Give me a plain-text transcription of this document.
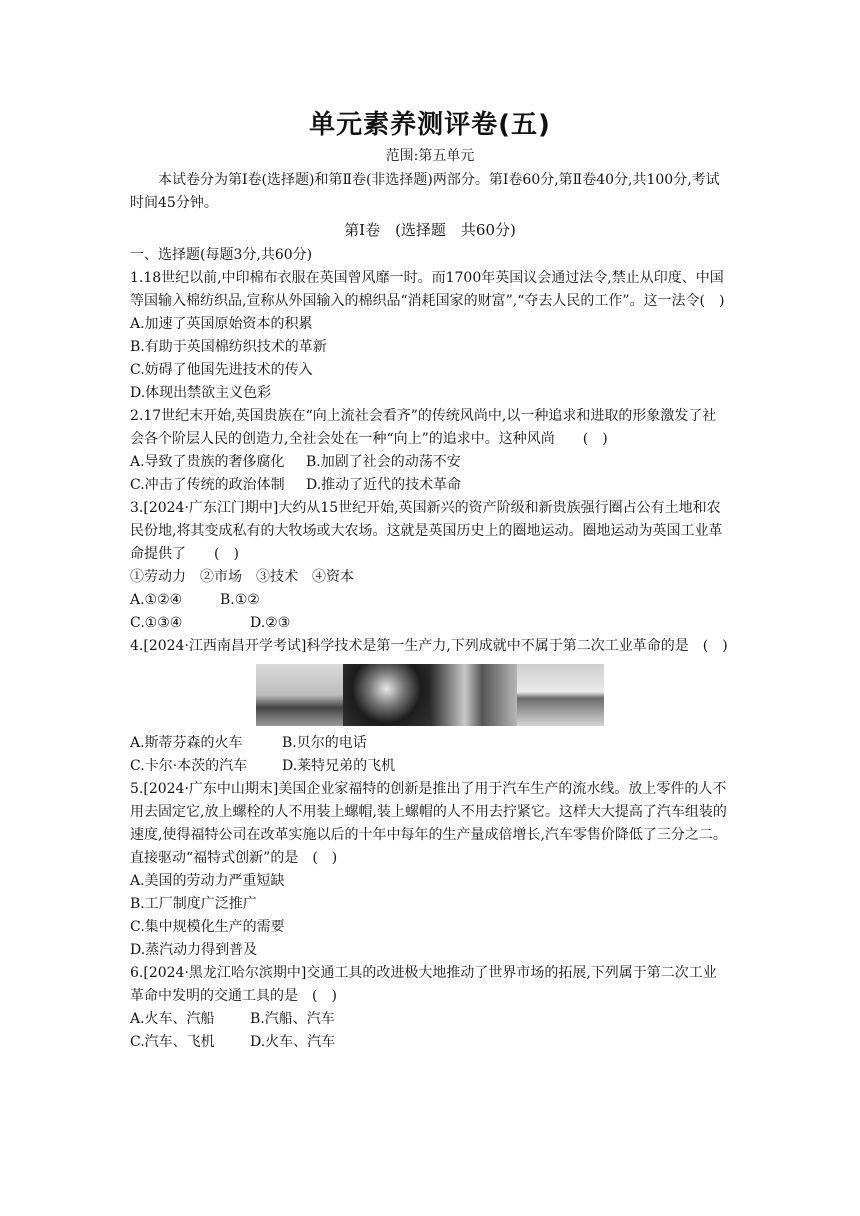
单元素养测评卷(五)
范围:第五单元
本试卷分为第Ⅰ卷(选择题)和第Ⅱ卷(非选择题)两部分。第Ⅰ卷60分,第Ⅱ卷40分,共100分,考试时间45分钟。
第Ⅰ卷　(选择题　共60分)
一、选择题(每题3分,共60分)
1.18世纪以前,中印棉布衣服在英国曾风靡一时。而1700年英国议会通过法令,禁止从印度、中国等国输入棉纺织品,宣称从外国输入的棉织品“消耗国家的财富”,“夺去人民的工作”。这一法令(　)
A.加速了英国原始资本的积累
B.有助于英国棉纺织技术的革新
C.妨碍了他国先进技术的传入
D.体现出禁欲主义色彩
2.17世纪末开始,英国贵族在“向上流社会看齐”的传统风尚中,以一种追求和进取的形象激发了社会各个阶层人民的创造力,全社会处在一种“向上”的追求中。这种风尚　　(　)
A.导致了贵族的奢侈腐化	B.加剧了社会的动荡不安
C.冲击了传统的政治体制	D.推动了近代的技术革命
3.[2024·广东江门期中]大约从15世纪开始,英国新兴的资产阶级和新贵族强行圈占公有土地和农民份地,将其变成私有的大牧场或大农场。这就是英国历史上的圈地运动。圈地运动为英国工业革命提供了　　(　)
①劳动力　②市场　③技术　④资本
A.①②④	B.①②
C.①③④	D.②③
4.[2024·江西南昌开学考试]科学技术是第一生产力,下列成就中不属于第二次工业革命的是　(　)
A.斯蒂芬森的火车	B.贝尔的电话
C.卡尔·本茨的汽车	D.莱特兄弟的飞机
5.[2024·广东中山期末]美国企业家福特的创新是推出了用于汽车生产的流水线。放上零件的人不用去固定它,放上螺栓的人不用装上螺帽,装上螺帽的人不用去拧紧它。这样大大提高了汽车组装的速度,使得福特公司在改革实施以后的十年中每年的生产量成倍增长,汽车零售价降低了三分之二。直接驱动“福特式创新”的是　(　)
A.美国的劳动力严重短缺
B.工厂制度广泛推广
C.集中规模化生产的需要
D.蒸汽动力得到普及
6.[2024·黑龙江哈尔滨期中]交通工具的改进极大地推动了世界市场的拓展,下列属于第二次工业革命中发明的交通工具的是　(　)
A.火车、汽船	B.汽船、汽车
C.汽车、飞机	D.火车、汽车
